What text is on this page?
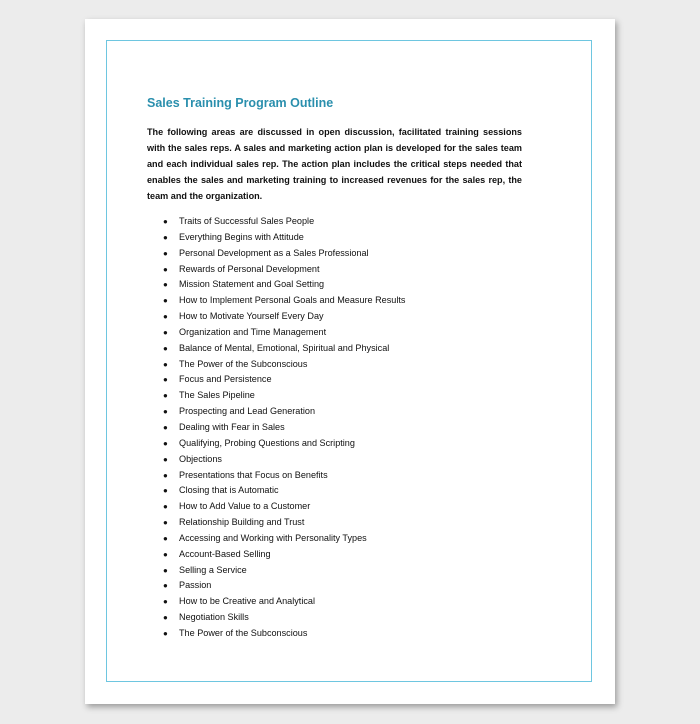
Sales Training Program Outline

The following areas are discussed in open discussion, facilitated training sessions with the sales reps. A sales and marketing action plan is developed for the sales team and each individual sales rep. The action plan includes the critical steps needed that enables the sales and marketing training to increased revenues for the sales rep, the team and the organization.

● Traits of Successful Sales People
● Everything Begins with Attitude
● Personal Development as a Sales Professional
● Rewards of Personal Development
● Mission Statement and Goal Setting
● How to Implement Personal Goals and Measure Results
● How to Motivate Yourself Every Day
● Organization and Time Management
● Balance of Mental, Emotional, Spiritual and Physical
● The Power of the Subconscious
● Focus and Persistence
● The Sales Pipeline
● Prospecting and Lead Generation
● Dealing with Fear in Sales
● Qualifying, Probing Questions and Scripting
● Objections
● Presentations that Focus on Benefits
● Closing that is Automatic
● How to Add Value to a Customer
● Relationship Building and Trust
● Accessing and Working with Personality Types
● Account-Based Selling
● Selling a Service
● Passion
● How to be Creative and Analytical
● Negotiation Skills
● The Power of the Subconscious
